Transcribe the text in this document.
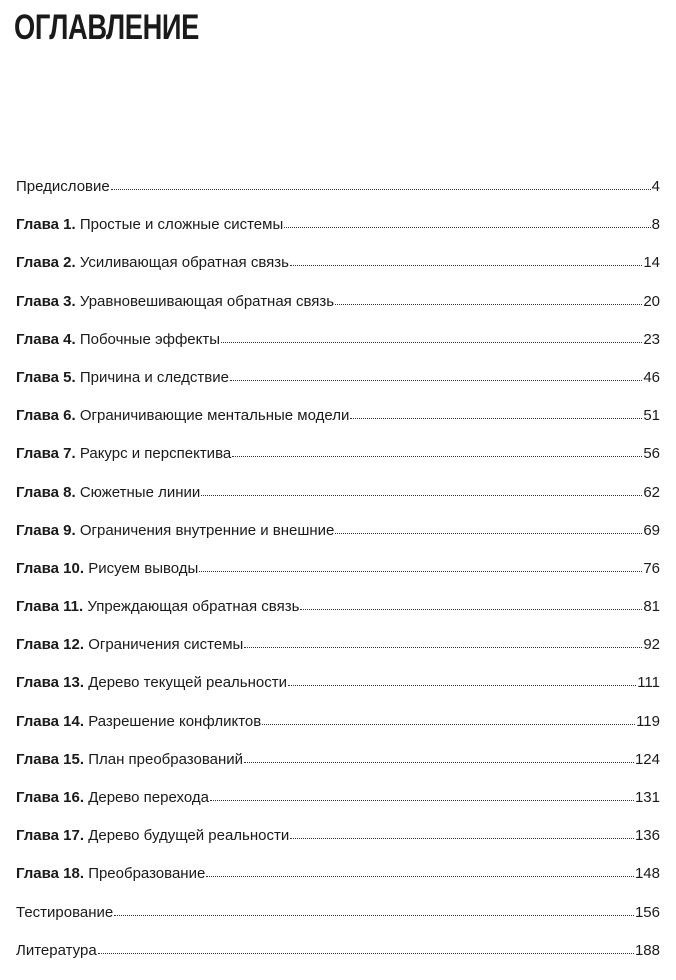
ОГЛАВЛЕНИЕ
Предисловие	4
Глава 1. Простые и сложные системы	8
Глава 2. Усиливающая обратная связь	14
Глава 3. Уравновешивающая обратная связь	20
Глава 4. Побочные эффекты	23
Глава 5. Причина и следствие	46
Глава 6. Ограничивающие ментальные модели	51
Глава 7. Ракурс и перспектива	56
Глава 8. Сюжетные линии	62
Глава 9. Ограничения внутренние и внешние	69
Глава 10. Рисуем выводы	76
Глава 11. Упреждающая обратная связь	81
Глава 12. Ограничения системы	92
Глава 13. Дерево текущей реальности	111
Глава 14. Разрешение конфликтов	119
Глава 15. План преобразований	124
Глава 16. Дерево перехода	131
Глава 17. Дерево будущей реальности	136
Глава 18. Преобразование	148
Тестирование	156
Литература	188
